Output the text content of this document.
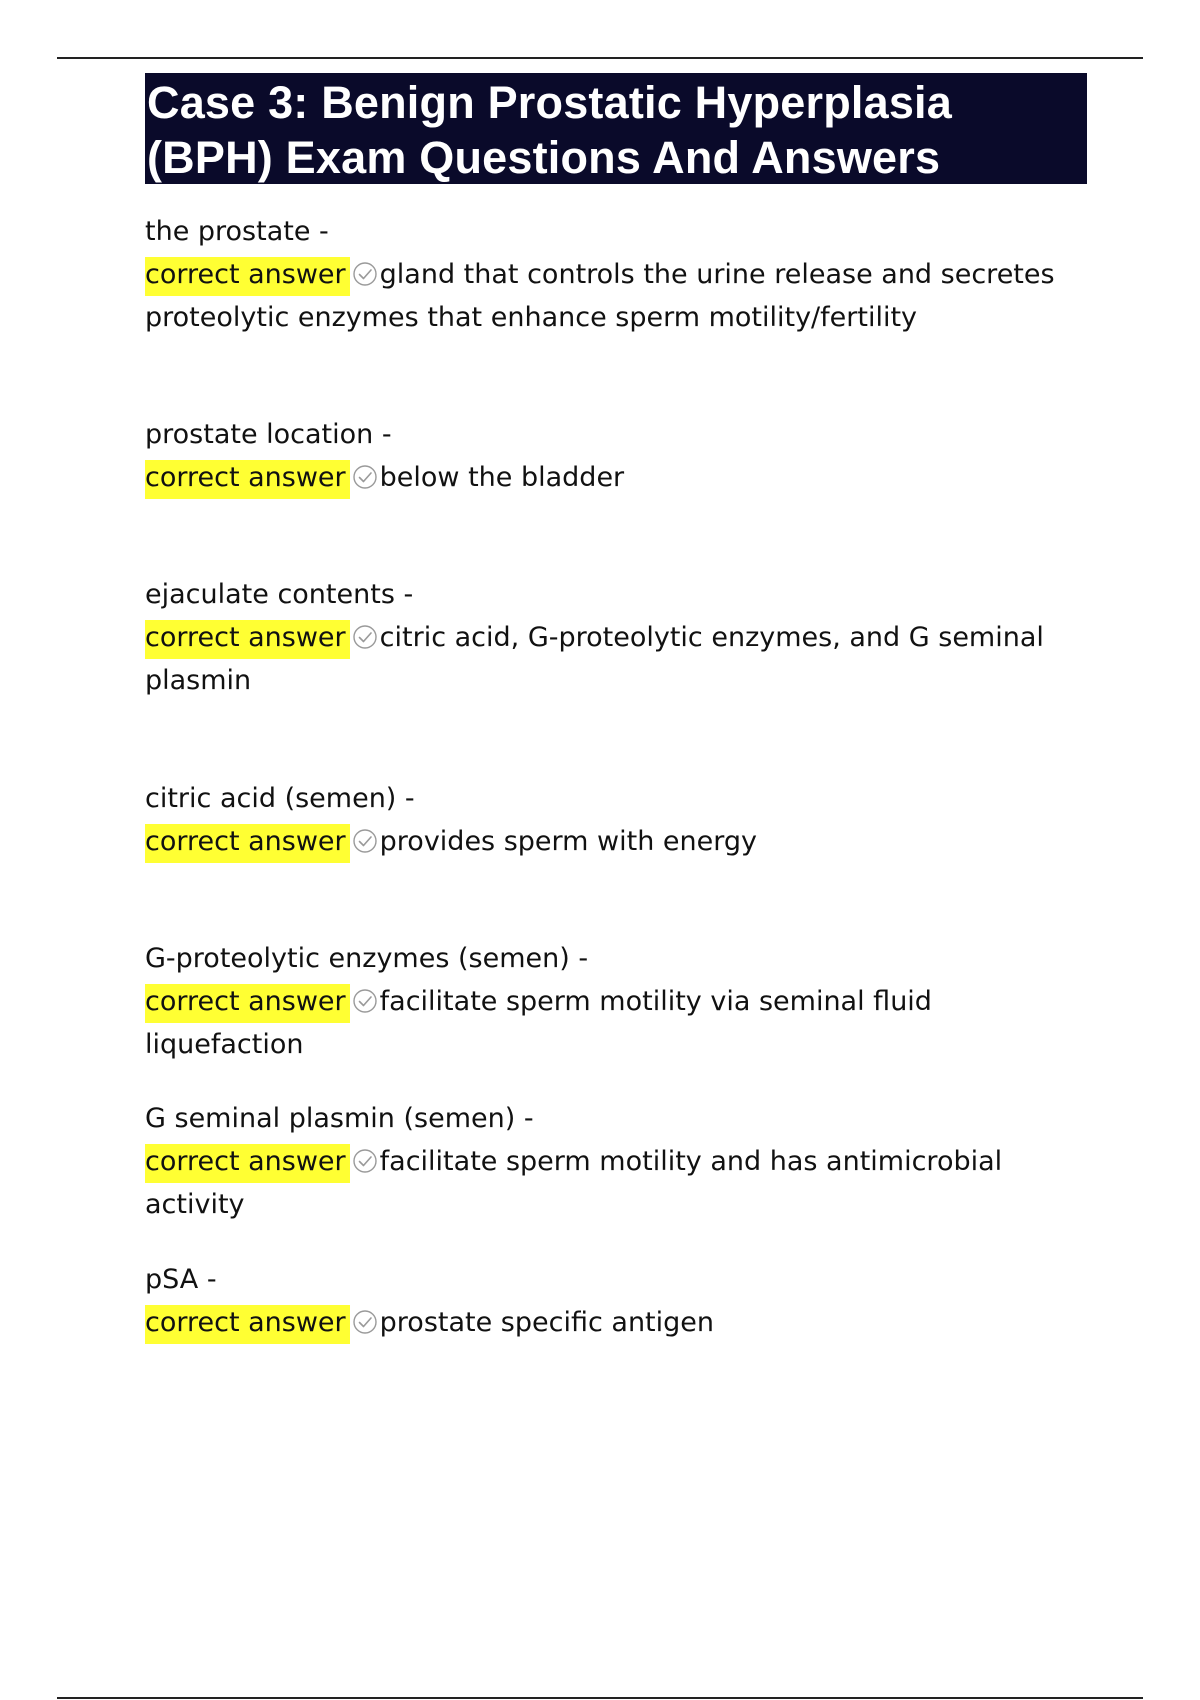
Case 3: Benign Prostatic Hyperplasia
(BPH) Exam Questions And Answers
the prostate -
correct answer gland that controls the urine release and secretes proteolytic enzymes that enhance sperm motility/fertility
prostate location -
correct answer below the bladder
ejaculate contents -
correct answer citric acid, G-proteolytic enzymes, and G seminal plasmin
citric acid (semen) -
correct answer provides sperm with energy
G-proteolytic enzymes (semen) -
correct answer facilitate sperm motility via seminal fluid liquefaction
G seminal plasmin (semen) -
correct answer facilitate sperm motility and has antimicrobial activity
pSA -
correct answer prostate specific antigen
